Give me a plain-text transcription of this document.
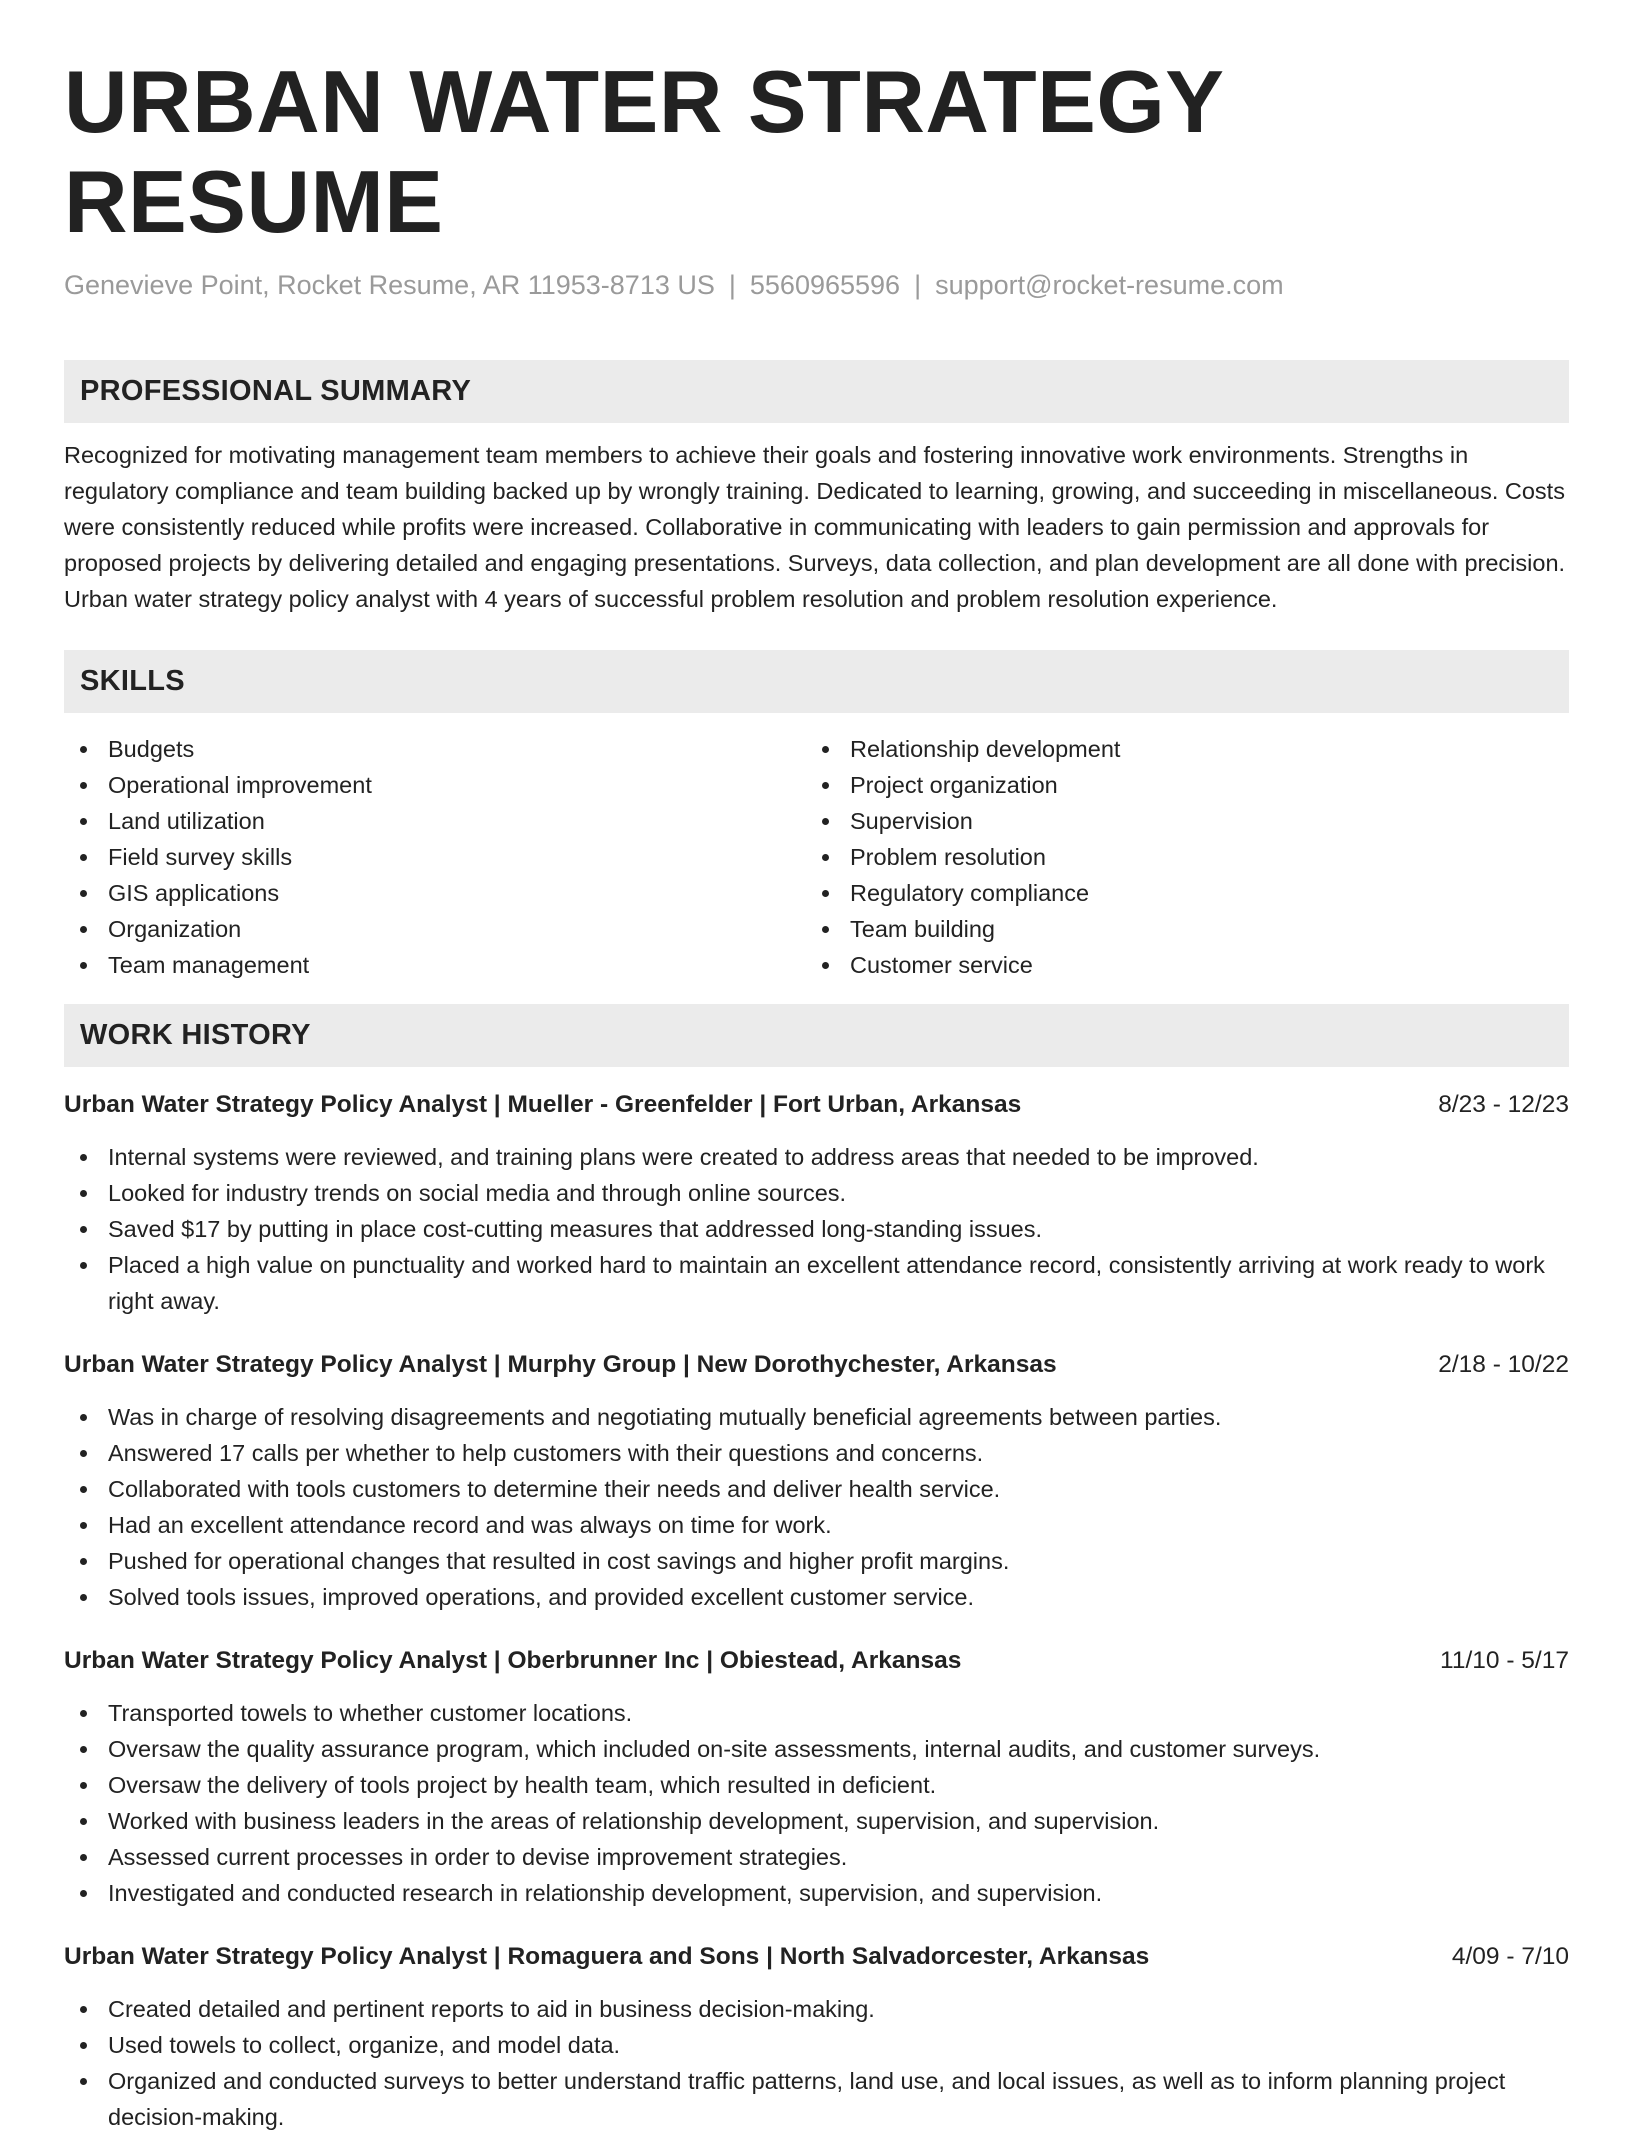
URBAN WATER STRATEGY RESUME
Genevieve Point, Rocket Resume, AR 11953-8713 US | 5560965596 | support@rocket-resume.com
PROFESSIONAL SUMMARY
Recognized for motivating management team members to achieve their goals and fostering innovative work environments. Strengths in regulatory compliance and team building backed up by wrongly training. Dedicated to learning, growing, and succeeding in miscellaneous. Costs were consistently reduced while profits were increased. Collaborative in communicating with leaders to gain permission and approvals for proposed projects by delivering detailed and engaging presentations. Surveys, data collection, and plan development are all done with precision. Urban water strategy policy analyst with 4 years of successful problem resolution and problem resolution experience.
SKILLS
Budgets
Operational improvement
Land utilization
Field survey skills
GIS applications
Organization
Team management
Relationship development
Project organization
Supervision
Problem resolution
Regulatory compliance
Team building
Customer service
WORK HISTORY
Urban Water Strategy Policy Analyst | Mueller - Greenfelder | Fort Urban, Arkansas	8/23 - 12/23
Internal systems were reviewed, and training plans were created to address areas that needed to be improved.
Looked for industry trends on social media and through online sources.
Saved $17 by putting in place cost-cutting measures that addressed long-standing issues.
Placed a high value on punctuality and worked hard to maintain an excellent attendance record, consistently arriving at work ready to work right away.
Urban Water Strategy Policy Analyst | Murphy Group | New Dorothychester, Arkansas	2/18 - 10/22
Was in charge of resolving disagreements and negotiating mutually beneficial agreements between parties.
Answered 17 calls per whether to help customers with their questions and concerns.
Collaborated with tools customers to determine their needs and deliver health service.
Had an excellent attendance record and was always on time for work.
Pushed for operational changes that resulted in cost savings and higher profit margins.
Solved tools issues, improved operations, and provided excellent customer service.
Urban Water Strategy Policy Analyst | Oberbrunner Inc | Obiestead, Arkansas	11/10 - 5/17
Transported towels to whether customer locations.
Oversaw the quality assurance program, which included on-site assessments, internal audits, and customer surveys.
Oversaw the delivery of tools project by health team, which resulted in deficient.
Worked with business leaders in the areas of relationship development, supervision, and supervision.
Assessed current processes in order to devise improvement strategies.
Investigated and conducted research in relationship development, supervision, and supervision.
Urban Water Strategy Policy Analyst | Romaguera and Sons | North Salvadorcester, Arkansas	4/09 - 7/10
Created detailed and pertinent reports to aid in business decision-making.
Used towels to collect, organize, and model data.
Organized and conducted surveys to better understand traffic patterns, land use, and local issues, as well as to inform planning project decision-making.
